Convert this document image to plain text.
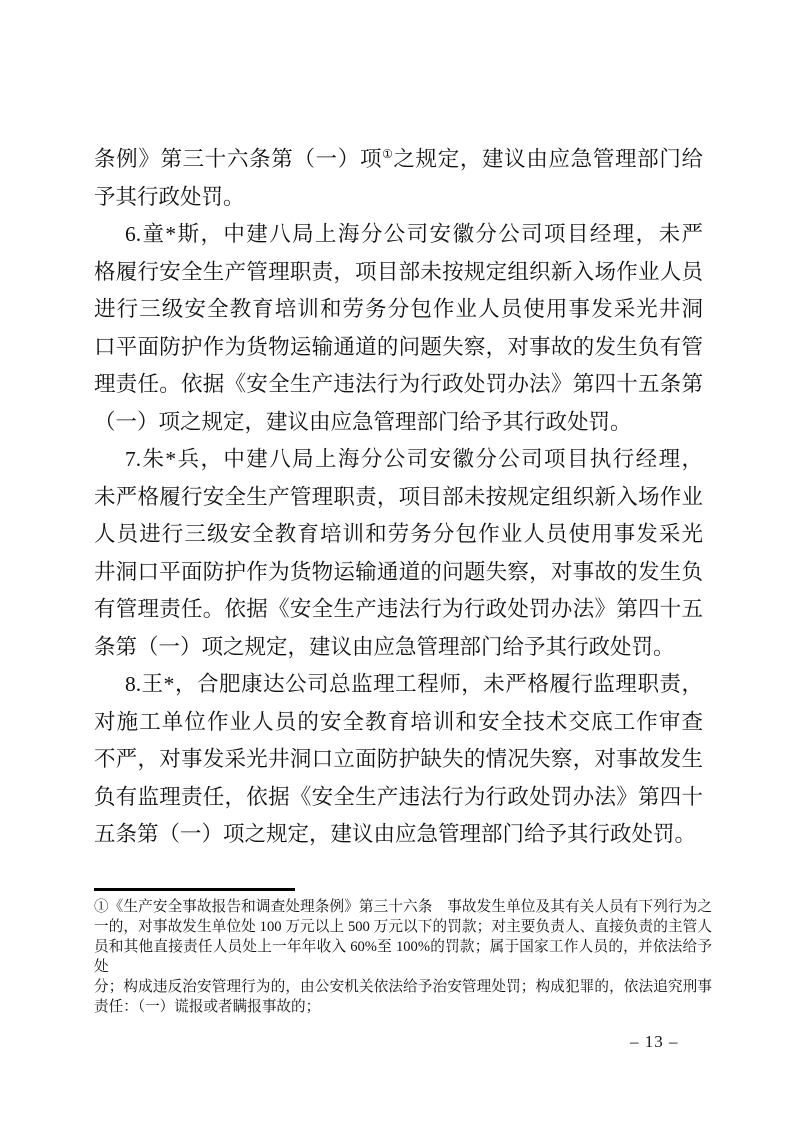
条例》第三十六条第（一）项①之规定，建议由应急管理部门给
予其行政处罚。
6.童*斯，中建八局上海分公司安徽分公司项目经理，未严
格履行安全生产管理职责，项目部未按规定组织新入场作业人员
进行三级安全教育培训和劳务分包作业人员使用事发采光井洞
口平面防护作为货物运输通道的问题失察，对事故的发生负有管
理责任。依据《安全生产违法行为行政处罚办法》第四十五条第
（一）项之规定，建议由应急管理部门给予其行政处罚。
7.朱*兵，中建八局上海分公司安徽分公司项目执行经理，
未严格履行安全生产管理职责，项目部未按规定组织新入场作业
人员进行三级安全教育培训和劳务分包作业人员使用事发采光
井洞口平面防护作为货物运输通道的问题失察，对事故的发生负
有管理责任。依据《安全生产违法行为行政处罚办法》第四十五
条第（一）项之规定，建议由应急管理部门给予其行政处罚。
8.王*，合肥康达公司总监理工程师，未严格履行监理职责，
对施工单位作业人员的安全教育培训和安全技术交底工作审查
不严，对事发采光井洞口立面防护缺失的情况失察，对事故发生
负有监理责任，依据《安全生产违法行为行政处罚办法》第四十
五条第（一）项之规定，建议由应急管理部门给予其行政处罚。
①《生产安全事故报告和调查处理条例》第三十六条　事故发生单位及其有关人员有下列行为之
一的，对事故发生单位处 100 万元以上 500 万元以下的罚款；对主要负责人、直接负责的主管人
员和其他直接责任人员处上一年年收入 60%至 100%的罚款；属于国家工作人员的，并依法给予处
分；构成违反治安管理行为的，由公安机关依法给予治安管理处罚；构成犯罪的，依法追究刑事
责任：（一）谎报或者瞒报事故的；
– 13 –
